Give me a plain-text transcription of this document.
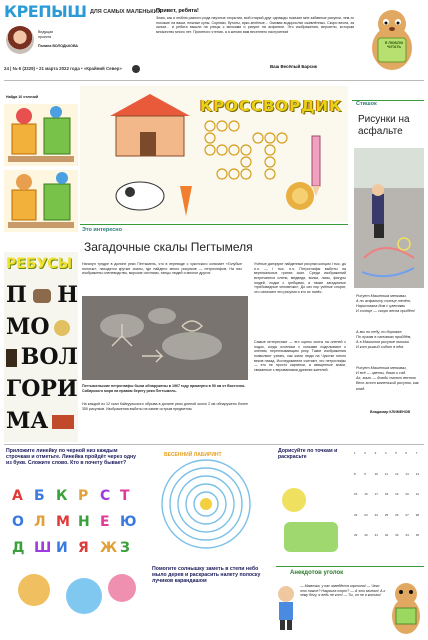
КРЕПЫШ ДЛЯ САМЫХ МАЛЕНЬКИХ
Ведущая
проекта
Полина ВОЛОДЬКОВА
24 | № 6 (3229) • 21 марта 2022 года • «Крайний Север»
Привет, ребята!
Знаю, как я люблю разного рода научные открытия, мой старый друг однажды показал мне забавные рисунки, чем-то похожие на ваши, нежные купы. Сорняки, бутоны, ярко-зелёные… Оживая водорослях оживлённых. Скоро весна, за окном… и ребята вышли на улицы с мелками и рисуют на асфальте. Это изображения, вероятно, которым множество много лет. Приятного чтения, а я желаю вам весеннего настроения!
Ваш Весёлый Барсик
Я ЛЮБЛЮ ЧИТАТЬ
Найди 10 отличий	КРОССВОРДИК Стишок
Рисунки на асфальте
Рисует Машенька мелками,
А по асфальту солнце течёт,
Нарисовала дом с цветами
И солнце — скоро весна придёт!
А мы по небу, по дорожке,
По лужам в сапожках пройдём,
А в Машином рисунке окошки
И кот рыжий сидит в нём.
Рисует Машенька мелками,
И всё — цветы, дома и сад.
Ах, жаль — дожди смоют весною
Весь этот маленький рисунок, как клад.
Владимир КЛИМЕНОВ
Это интересно
Загадочные скалы Пегтымеля
Нагалун тундре в долине реки Пегтымель, что в переводе с чукотского означает «Голубые полосы», находятся крутые скалы, где найдено много рисунков — петроглифов. На них изображены оленеводство, морские охотники, танцы людей и многое другое.
Учёные датируют найденные рисунки концом I тыс. до н.э. — I тыс. н.э. Петроглифы выбиты на вертикальных гранях скал. Среди изображений встречаются олени, медведи, волки, лисы, фигуры людей, лодки с гребцами, а также загадочные «грибовидные человечки». До сих пор учёные спорят, что означают эти рисунки и кто их нанёс.
Самые интересные — это сцены охоты на оленей с лодок, когда охотники с копьями подплывают к оленям, переплывающим реку. Такие изображения позволяют узнать, как жили люди на Чукотке много веков назад. Исследователи считают, что петроглифы — это не просто картинки, а священные знаки, связанные с верованиями древних жителей.
Пегтымельские петроглифы были обнаружены в 1967 году примерно в 50 км от Восточно-Сибирского моря на правом берегу реки Пегтымель.
На каждой из 12 скал Кайкуульского обрыва в долине реки длиной около 2 км обнаружено более 350 рисунков. Изображения выбиты на камне острым предметом.
РЕБУСЫ
П Н
МО
ВОЛ
ГОРИ
МА
Приложите линейку по черной низ каждым строчкам и отметьте. Линейка пройдёт через одну из букв. Сложите слово. Кто в почету бывает?
А Б К Р С Т
О Л М Н Е Ю
Д Ш И Я Ж З
ВЕСЕННИЙ ЛАБИРИНТ
Помогите солнышку заметь в степи небо мыло дерев и раскрасить налету полоску лучиков карандашом
Дорисуйте по точкам и раскрасьте
1	2	3	4	5	6	7
8	9	10	11	12	13	14
15	16	17	18	19	20	21
22	23	24	25	26	27	28
29	30	31	32	33	34	35
Анекдотов уголок
— Мамочка, у нас заведётся картина! — Чего это такое? Накрыла торт? — А это молоко! А к чему бегу, я ведь не кот! — Ты, он не в котики!
